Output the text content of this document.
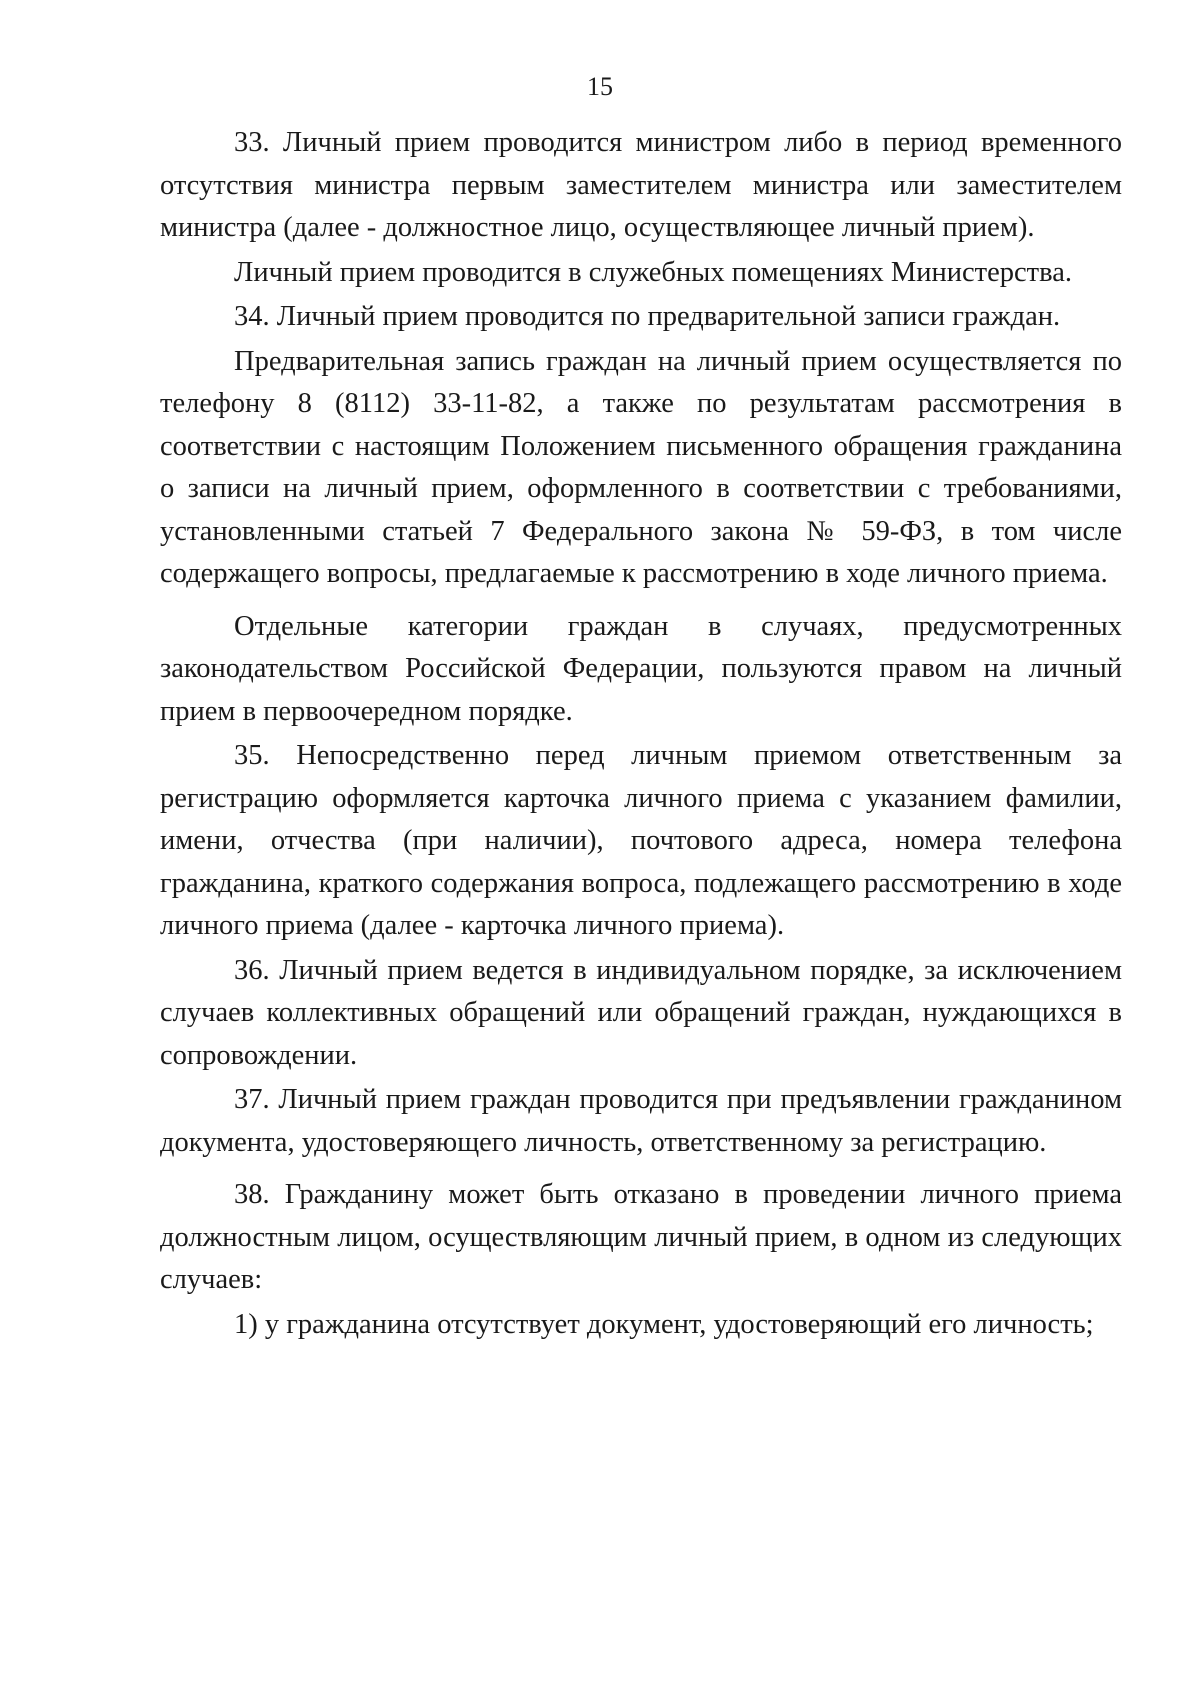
15

33. Личный прием проводится министром либо в период временного отсутствия министра первым заместителем министра или заместителем министра (далее - должностное лицо, осуществляющее личный прием).

Личный прием проводится в служебных помещениях Министерства.

34. Личный прием проводится по предварительной записи граждан.

Предварительная запись граждан на личный прием осуществляется по телефону 8 (8112) 33-11-82, а также по результатам рассмотрения в соответствии с настоящим Положением письменного обращения гражданина о записи на личный прием, оформленного в соответствии с требованиями, установленными статьей 7 Федерального закона № 59-ФЗ, в том числе содержащего вопросы, предлагаемые к рассмотрению в ходе личного приема.

Отдельные категории граждан в случаях, предусмотренных законодательством Российской Федерации, пользуются правом на личный прием в первоочередном порядке.

35. Непосредственно перед личным приемом ответственным за регистрацию оформляется карточка личного приема с указанием фамилии, имени, отчества (при наличии), почтового адреса, номера телефона гражданина, краткого содержания вопроса, подлежащего рассмотрению в ходе личного приема (далее - карточка личного приема).

36. Личный прием ведется в индивидуальном порядке, за исключением случаев коллективных обращений или обращений граждан, нуждающихся в сопровождении.

37. Личный прием граждан проводится при предъявлении гражданином документа, удостоверяющего личность, ответственному за регистрацию.

38. Гражданину может быть отказано в проведении личного приема должностным лицом, осуществляющим личный прием, в одном из следующих случаев:

1) у гражданина отсутствует документ, удостоверяющий его личность;
